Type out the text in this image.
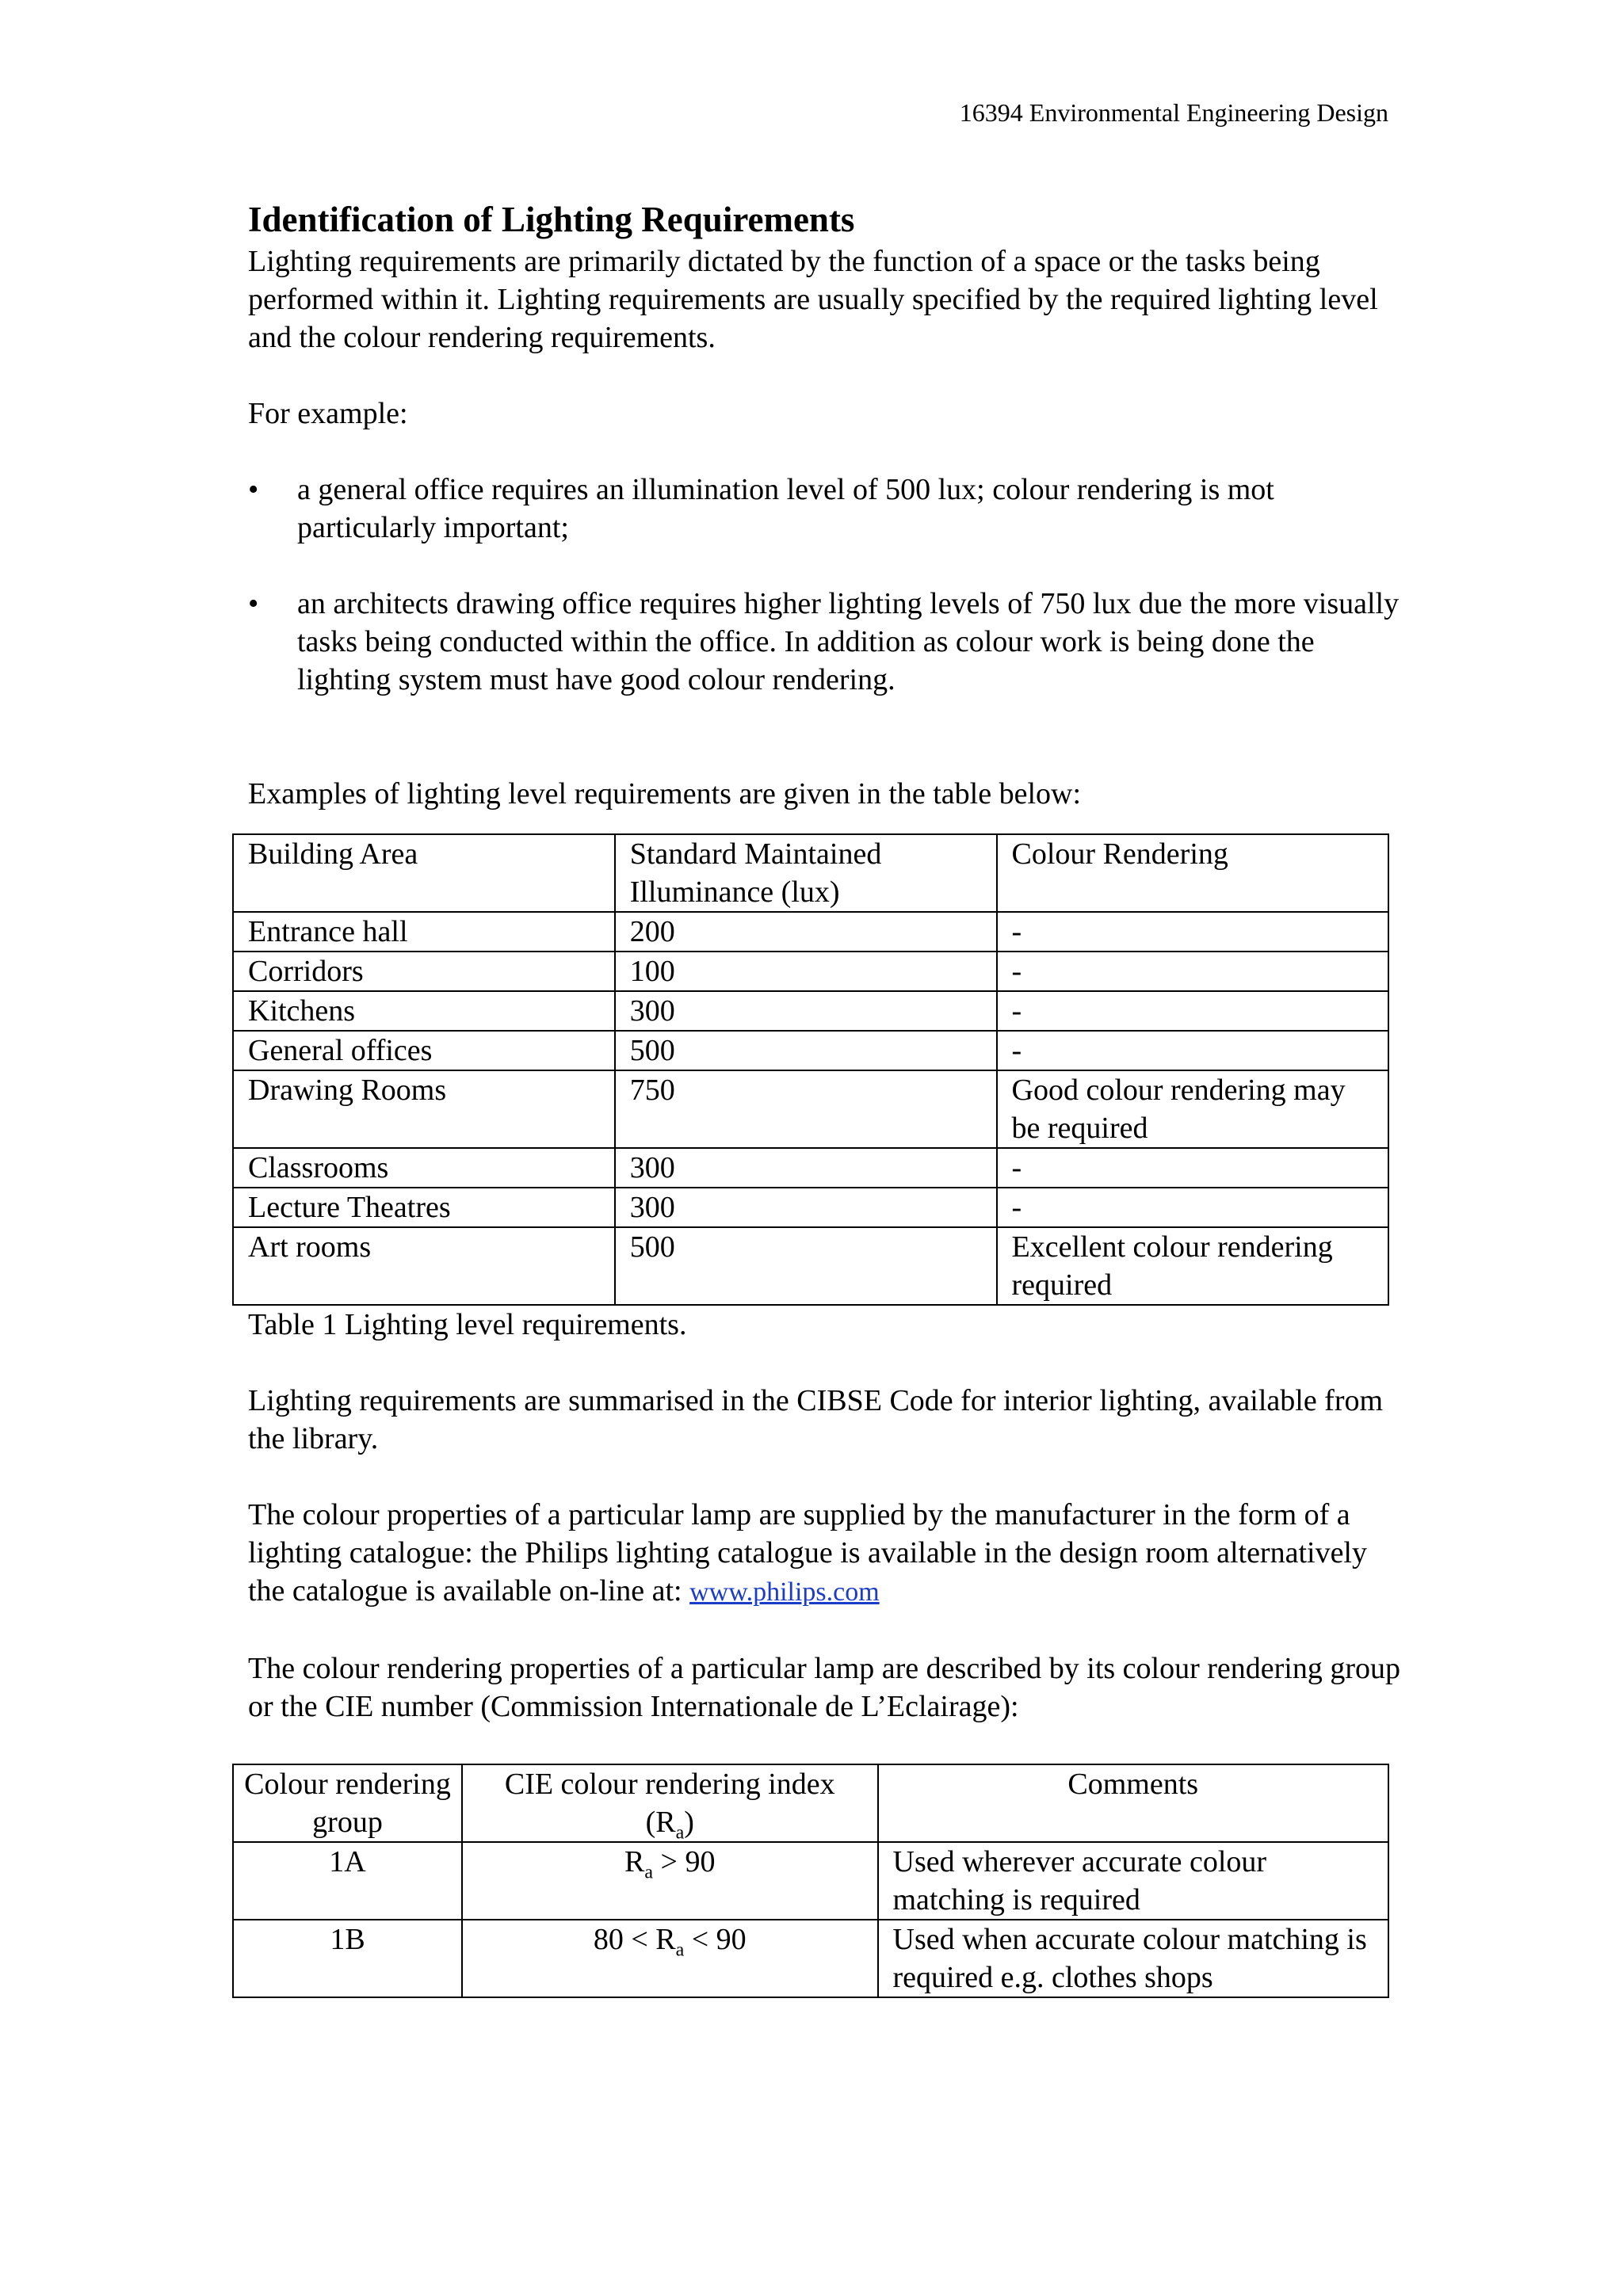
16394 Environmental Engineering Design
Identification of Lighting Requirements

Lighting requirements are primarily dictated by the function of a space or the tasks being performed within it. Lighting requirements are usually specified by the required lighting level and the colour rendering requirements.

For example:

•	a general office requires an illumination level of 500 lux; colour rendering is mot particularly important;
•	an architects drawing office requires higher lighting levels of 750 lux due the more visually tasks being conducted within the office. In addition as colour work is being done the lighting system must have good colour rendering.

Examples of lighting level requirements are given in the table below:

Building Area	Standard Maintained Illuminance (lux)	Colour Rendering
Entrance hall	200	-
Corridors	100	-
Kitchens	300	-
General offices	500	-
Drawing Rooms	750	Good colour rendering may be required
Classrooms	300	-
Lecture Theatres	300	-
Art rooms	500	Excellent colour rendering required

Table 1 Lighting level requirements.

Lighting requirements are summarised in the CIBSE Code for interior lighting, available from the library.

The colour properties of a particular lamp are supplied by the manufacturer in the form of a lighting catalogue: the Philips lighting catalogue is available in the design room alternatively the catalogue is available on-line at: www.philips.com

The colour rendering properties of a particular lamp are described by its colour rendering group or the CIE number (Commission Internationale de L’Eclairage):

Colour rendering group	CIE colour rendering index $(R_a)$	Comments
1A	$R_a > 90$	Used wherever accurate colour matching is required
1B	$80 < R_a < 90$	Used when accurate colour matching is required e.g. clothes shops
